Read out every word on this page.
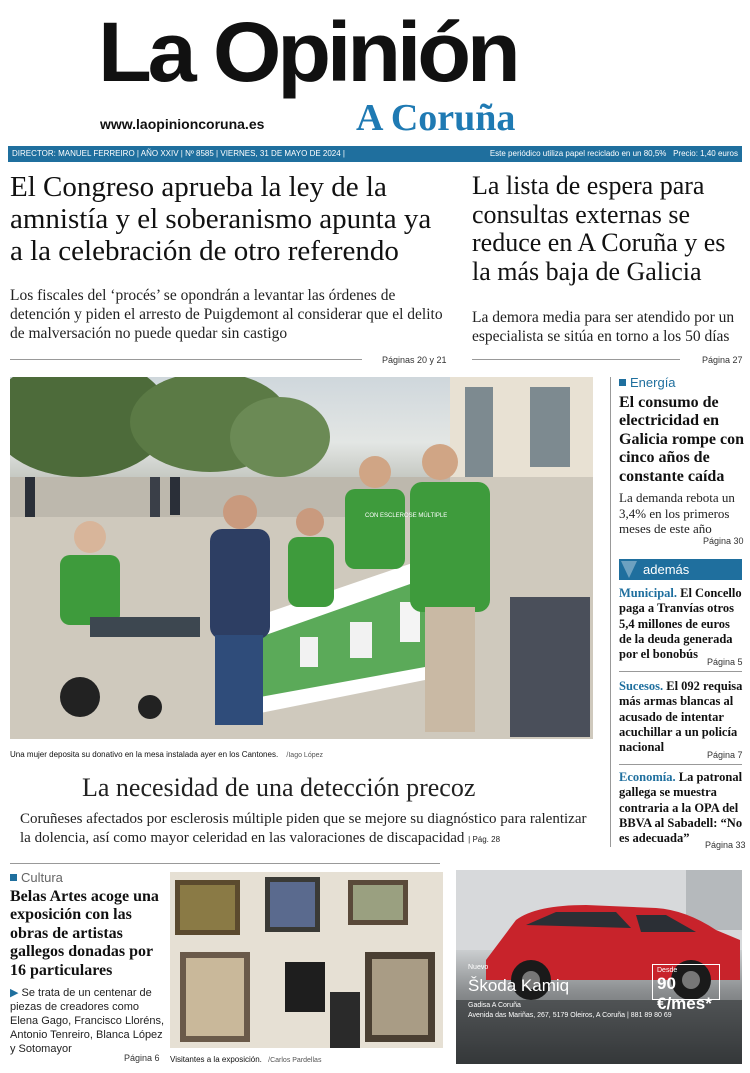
La Opinión
A Coruña
www.laopinioncoruna.es
DIRECTOR: MANUEL FERREIRO | AÑO XXIV | Nº 8585 | VIERNES, 31 DE MAYO DE 2024 |	Este periódico utiliza papel reciclado en un 80,5% Precio: 1,40 euros
El Congreso aprueba la ley de la amnistía y el soberanismo apunta ya a la celebración de otro referendo
Los fiscales del ‘procés’ se opondrán a levantar las órdenes de detención y piden el arresto de Puigdemont al considerar que el delito de malversación no puede quedar sin castigo
Páginas 20 y 21
La lista de espera para consultas externas se reduce en A Coruña y es la más baja de Galicia
La demora media para ser atendido por un especialista se sitúa en torno a los 50 días
Página 27
CON ESCLEROSE MÚLTIPLE
Una mujer deposita su donativo en la mesa instalada ayer en los Cantones. /Iago López
La necesidad de una detección precoz
Coruñeses afectados por esclerosis múltiple piden que se mejore su diagnóstico para ralentizar la dolencia, así como mayor celeridad en las valoraciones de discapacidad | Pág. 28
Energía
El consumo de electricidad en Galicia rompe con cinco años de constante caída
La demanda rebota un 3,4% en los primeros meses de este año
Página 30
además
Municipal. El Concello paga a Tranvías otros 5,4 millones de euros de la deuda generada por el bonobús
Página 5
Sucesos. El 092 requisa más armas blancas al acusado de intentar acuchillar a un policía nacional
Página 7
Economía. La patronal gallega se muestra contraria a la OPA del BBVA al Sabadell: “No es adecuada”	Página 33
Cultura
Belas Artes acoge una exposición con las obras de artistas gallegos donadas por 16 particulares
▶ Se trata de un centenar de piezas de creadores como Elena Gago, Francisco Lloréns, Antonio Tenreiro, Blanca López y Sotomayor
Página 6 Visitantes a la exposición. /Carlos Pardellas
Nuevo
Škoda Kamiq
Gadisa A Coruña
Avenida das Mariñas, 267, 5179 Oleiros, A Coruña | 881 89 80 69
Desde
90 €/mes*
